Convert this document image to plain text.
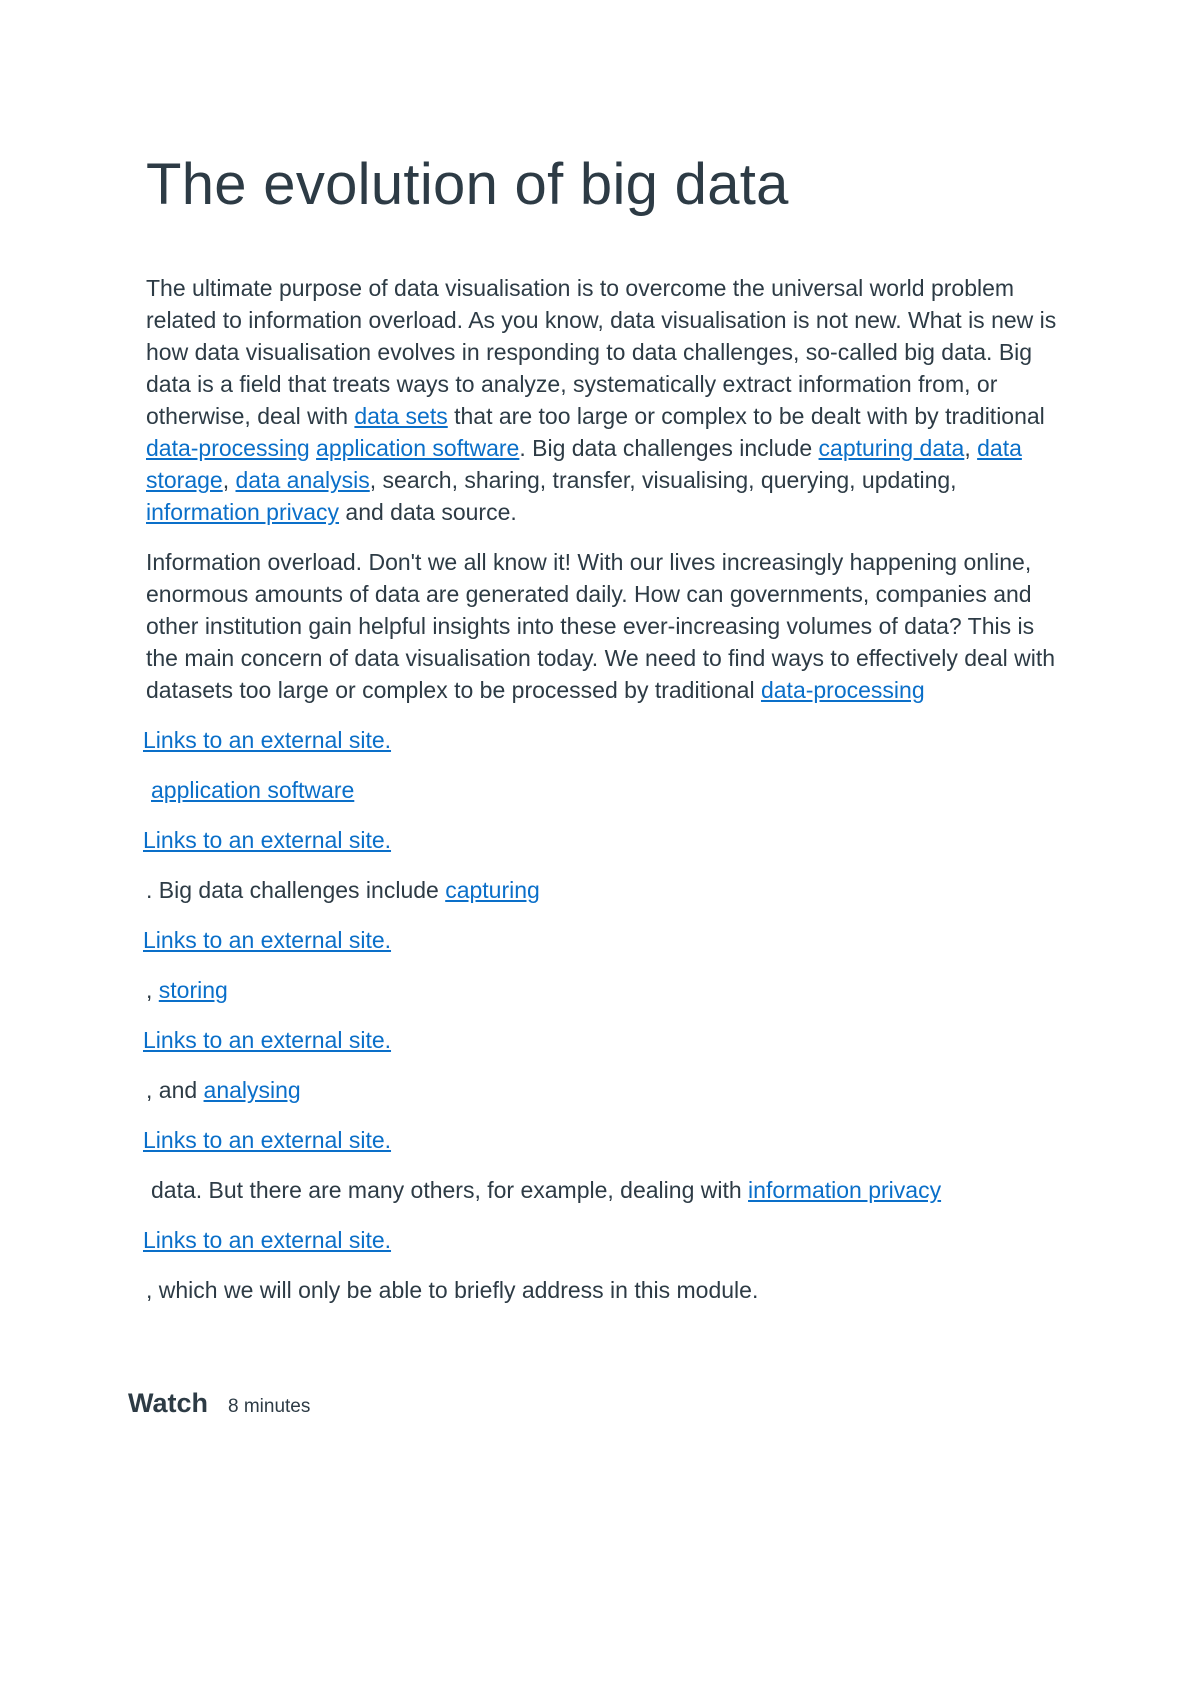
The evolution of big data

The ultimate purpose of data visualisation is to overcome the universal world problem related to information overload. As you know, data visualisation is not new. What is new is how data visualisation evolves in responding to data challenges, so-called big data. Big data is a field that treats ways to analyze, systematically extract information from, or otherwise, deal with data sets that are too large or complex to be dealt with by traditional data-processing application software. Big data challenges include capturing data, data storage, data analysis, search, sharing, transfer, visualising, querying, updating, information privacy and data source.

Information overload. Don't we all know it! With our lives increasingly happening online, enormous amounts of data are generated daily. How can governments, companies and other institution gain helpful insights into these ever-increasing volumes of data? This is the main concern of data visualisation today. We need to find ways to effectively deal with datasets too large or complex to be processed by traditional data-processing

Links to an external site.
application software
Links to an external site.
. Big data challenges include capturing
Links to an external site.
, storing
Links to an external site.
, and analysing
Links to an external site.
data. But there are many others, for example, dealing with information privacy
Links to an external site.
, which we will only be able to briefly address in this module.
Watch 8 minutes
